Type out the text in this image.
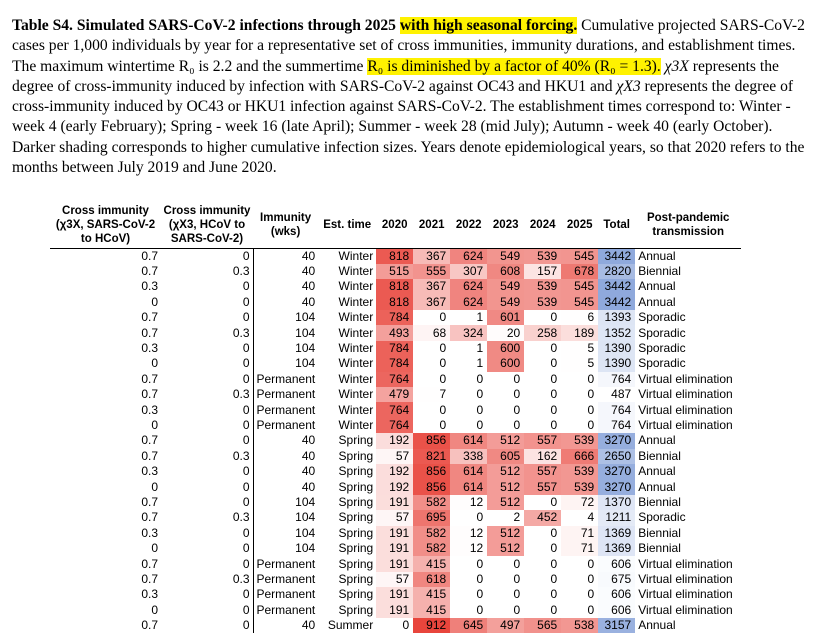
Table S4. Simulated SARS-CoV-2 infections through 2025 with high seasonal forcing. Cumulative projected SARS-CoV-2 cases per 1,000 individuals by year for a representative set of cross immunities, immunity durations, and establishment times. The maximum wintertime R₀ is 2.2 and the summertime R₀ is diminished by a factor of 40% (R₀ = 1.3). χ3X represents the degree of cross-immunity induced by infection with SARS-CoV-2 against OC43 and HKU1 and χX3 represents the degree of cross-immunity induced by OC43 or HKU1 infection against SARS-CoV-2. The establishment times correspond to: Winter - week 4 (early February); Spring - week 16 (late April); Summer - week 28 (mid July); Autumn - week 40 (early October). Darker shading corresponds to higher cumulative infection sizes. Years denote epidemiological years, so that 2020 refers to the months between July 2019 and June 2020.
Cross immunity (χ3X, SARS-CoV-2 to HCoV)	Cross immunity (χX3, HCoV to SARS-CoV-2)	Immunity (wks)	Est. time	2020	2021	2022	2023	2024	2025	Total	Post-pandemic transmission
0.7	0	40	Winter	818	367	624	549	539	545	3442	Annual
0.7	0.3	40	Winter	515	555	307	608	157	678	2820	Biennial
0.3	0	40	Winter	818	367	624	549	539	545	3442	Annual
0	0	40	Winter	818	367	624	549	539	545	3442	Annual
0.7	0	104	Winter	784	0	1	601	0	6	1393	Sporadic
0.7	0.3	104	Winter	493	68	324	20	258	189	1352	Sporadic
0.3	0	104	Winter	784	0	1	600	0	5	1390	Sporadic
0	0	104	Winter	784	0	1	600	0	5	1390	Sporadic
0.7	0	Permanent	Winter	764	0	0	0	0	0	764	Virtual elimination
0.7	0.3	Permanent	Winter	479	7	0	0	0	0	487	Virtual elimination
0.3	0	Permanent	Winter	764	0	0	0	0	0	764	Virtual elimination
0	0	Permanent	Winter	764	0	0	0	0	0	764	Virtual elimination
0.7	0	40	Spring	192	856	614	512	557	539	3270	Annual
0.7	0.3	40	Spring	57	821	338	605	162	666	2650	Biennial
0.3	0	40	Spring	192	856	614	512	557	539	3270	Annual
0	0	40	Spring	192	856	614	512	557	539	3270	Annual
0.7	0	104	Spring	191	582	12	512	0	72	1370	Biennial
0.7	0.3	104	Spring	57	695	0	2	452	4	1211	Sporadic
0.3	0	104	Spring	191	582	12	512	0	71	1369	Biennial
0	0	104	Spring	191	582	12	512	0	71	1369	Biennial
0.7	0	Permanent	Spring	191	415	0	0	0	0	606	Virtual elimination
0.7	0.3	Permanent	Spring	57	618	0	0	0	0	675	Virtual elimination
0.3	0	Permanent	Spring	191	415	0	0	0	0	606	Virtual elimination
0	0	Permanent	Spring	191	415	0	0	0	0	606	Virtual elimination
0.7	0	40	Summer	0	912	645	497	565	538	3157	Annual
